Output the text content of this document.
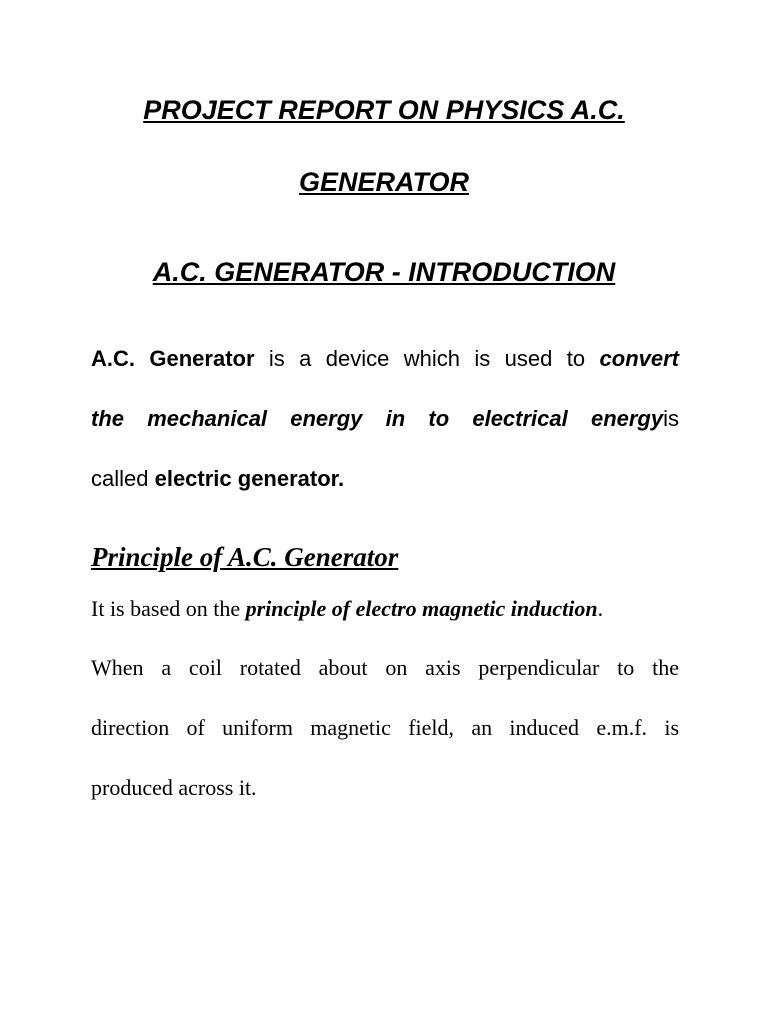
PROJECT REPORT ON PHYSICS A.C.
GENERATOR
A.C. GENERATOR - INTRODUCTION
A.C. Generator is a device which is used to convert
the mechanical energy in to electrical energyis
called electric generator.
Principle of A.C. Generator
It is based on the principle of electro magnetic induction.
When a coil rotated about on axis perpendicular to the
direction of uniform magnetic field, an induced e.m.f. is
produced across it.
